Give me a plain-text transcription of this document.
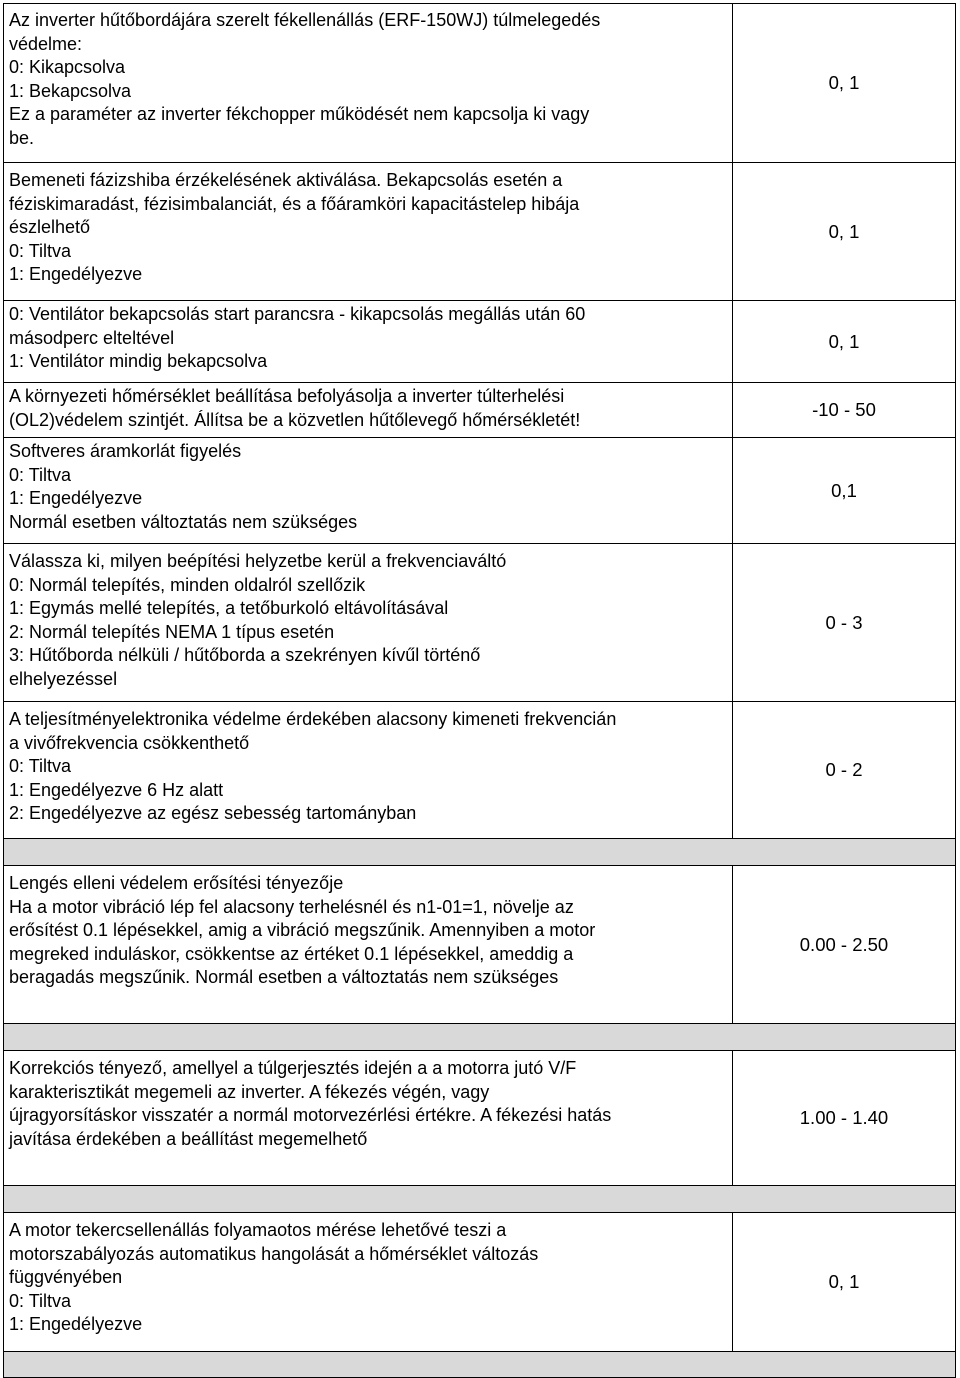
Az inverter hűtőbordájára szerelt fékellenállás (ERF-150WJ) túlmelegedés
védelme:
0: Kikapcsolva
1: Bekapcsolva
Ez a paraméter az inverter fékchopper működését nem kapcsolja ki vagy
be.
0, 1
Bemeneti fázizshiba érzékelésének aktiválása. Bekapcsolás esetén a
féziskimaradást, fézisimbalanciát, és a főáramköri kapacitástelep hibája
észlelhető
0: Tiltva
1: Engedélyezve
0, 1
0: Ventilátor bekapcsolás start parancsra - kikapcsolás megállás után 60
másodperc elteltével
1: Ventilátor mindig bekapcsolva
0, 1
A környezeti hőmérséklet beállítása befolyásolja a inverter túlterhelési
(OL2)védelem szintjét. Állítsa be a közvetlen hűtőlevegő hőmérsékletét!	-10 - 50
Softveres áramkorlát figyelés
0: Tiltva
1: Engedélyezve
Normál esetben változtatás nem szükséges
0,1
Válassza ki, milyen beépítési helyzetbe kerül a frekvenciaváltó
0: Normál telepítés, minden oldalról szellőzik
1: Egymás mellé telepítés, a tetőburkoló eltávolításával
2: Normál telepítés NEMA 1 típus esetén
3: Hűtőborda nélküli / hűtőborda a szekrényen kívűl történő
elhelyezéssel
0 - 3
A teljesítményelektronika védelme érdekében alacsony kimeneti frekvencián
a vivőfrekvencia csökkenthető
0: Tiltva
1: Engedélyezve 6 Hz alatt
2: Engedélyezve az egész sebesség tartományban
0 - 2
Lengés elleni védelem erősítési tényezője
Ha a motor vibráció lép fel alacsony terhelésnél és n1-01=1, növelje az
erősítést 0.1 lépésekkel, amig a vibráció megszűnik. Amennyiben a motor
megreked induláskor, csökkentse az értéket 0.1 lépésekkel, ameddig a
beragadás megszűnik. Normál esetben a változtatás nem szükséges
0.00 - 2.50
Korrekciós tényező, amellyel a túlgerjesztés idején a a motorra jutó V/F
karakterisztikát megemeli az inverter. A fékezés végén, vagy
újragyorsításkor visszatér a normál motorvezérlési értékre. A fékezési hatás
javítása érdekében a beállítást megemelhető
1.00 - 1.40
A motor tekercsellenállás folyamaotos mérése lehetővé teszi a
motorszabályozás automatikus hangolását a hőmérséklet változás
függvényében
0: Tiltva
1: Engedélyezve
0, 1
